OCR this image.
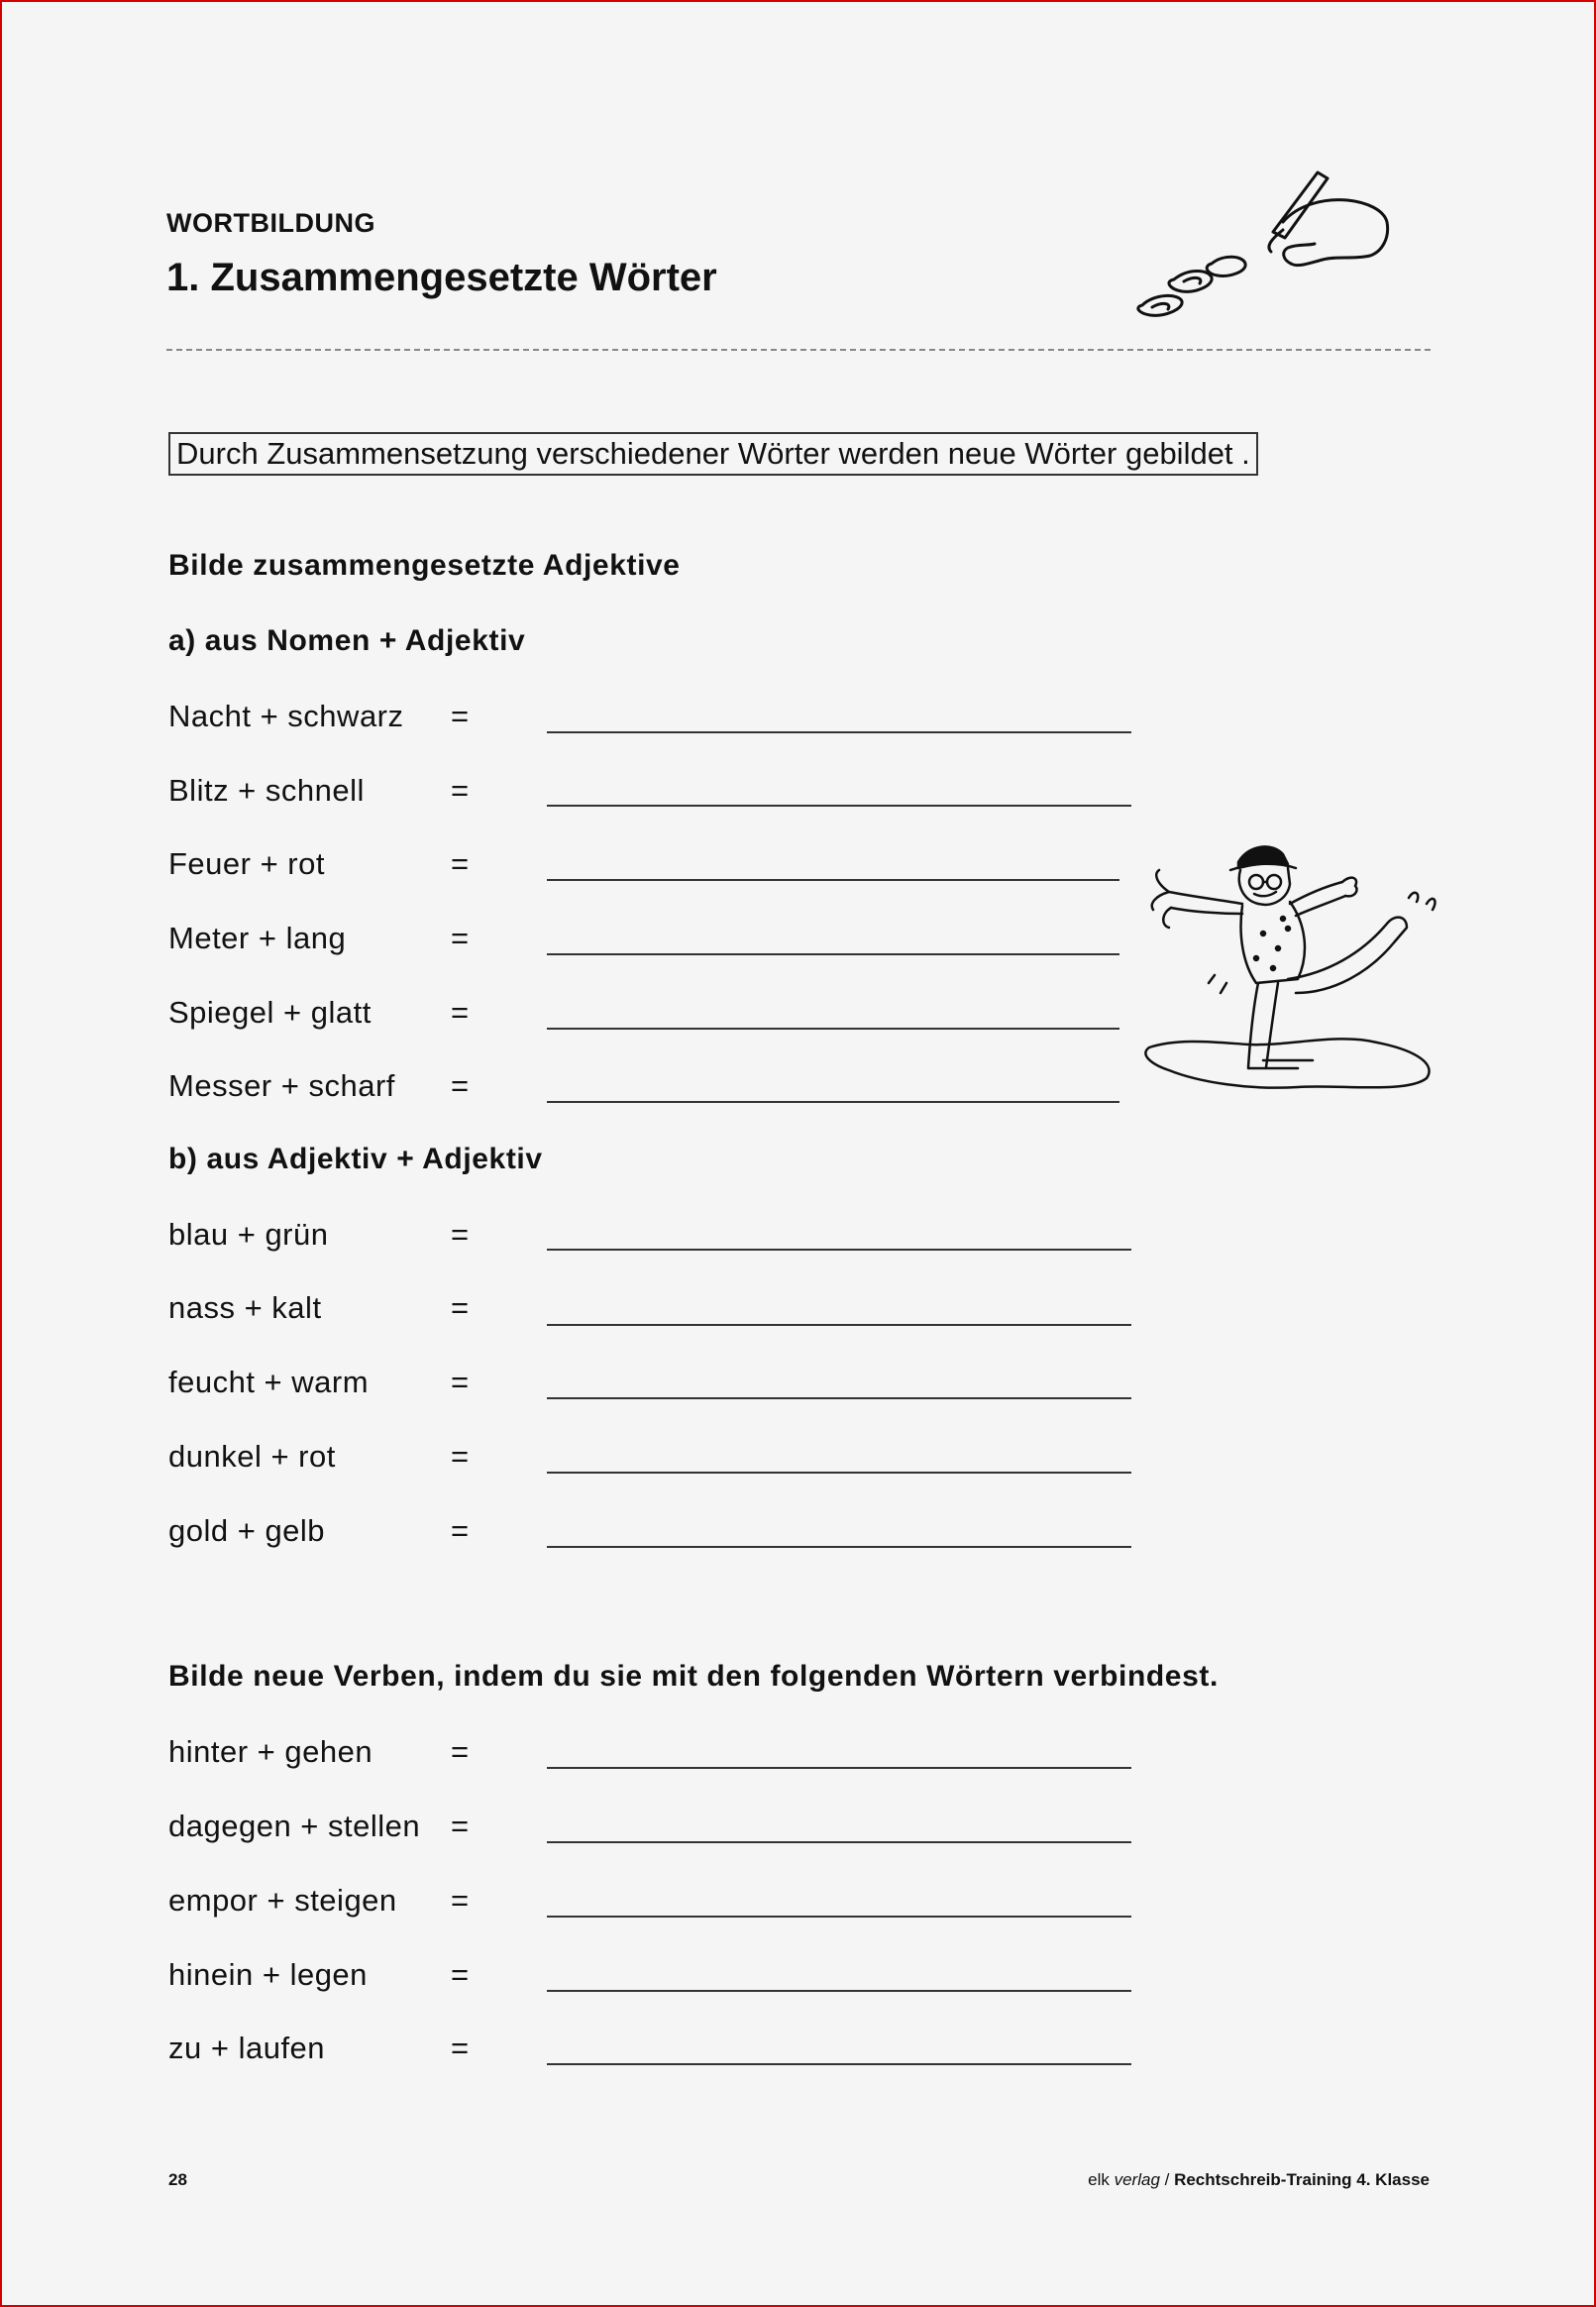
WORTBILDUNG
1. Zusammengesetzte Wörter
Durch Zusammensetzung verschiedener Wörter werden neue Wörter gebildet .
Bilde zusammengesetzte Adjektive
a) aus Nomen + Adjektiv
Nacht + schwarz =
Blitz + schnell	=
Feuer + rot	=
Meter + lang	=
Spiegel + glatt	=
Messer + scharf =
b) aus Adjektiv + Adjektiv
blau + grün	=
nass + kalt	=
feucht + warm	=
dunkel + rot	=
gold + gelb	=
Bilde neue Verben, indem du sie mit den folgenden Wörtern verbindest.
hinter + gehen	=
dagegen + stellen =
empor + steigen =
hinein + legen	=
zu + laufen	=
28	elk verlag / Rechtschreib-Training 4. Klasse
